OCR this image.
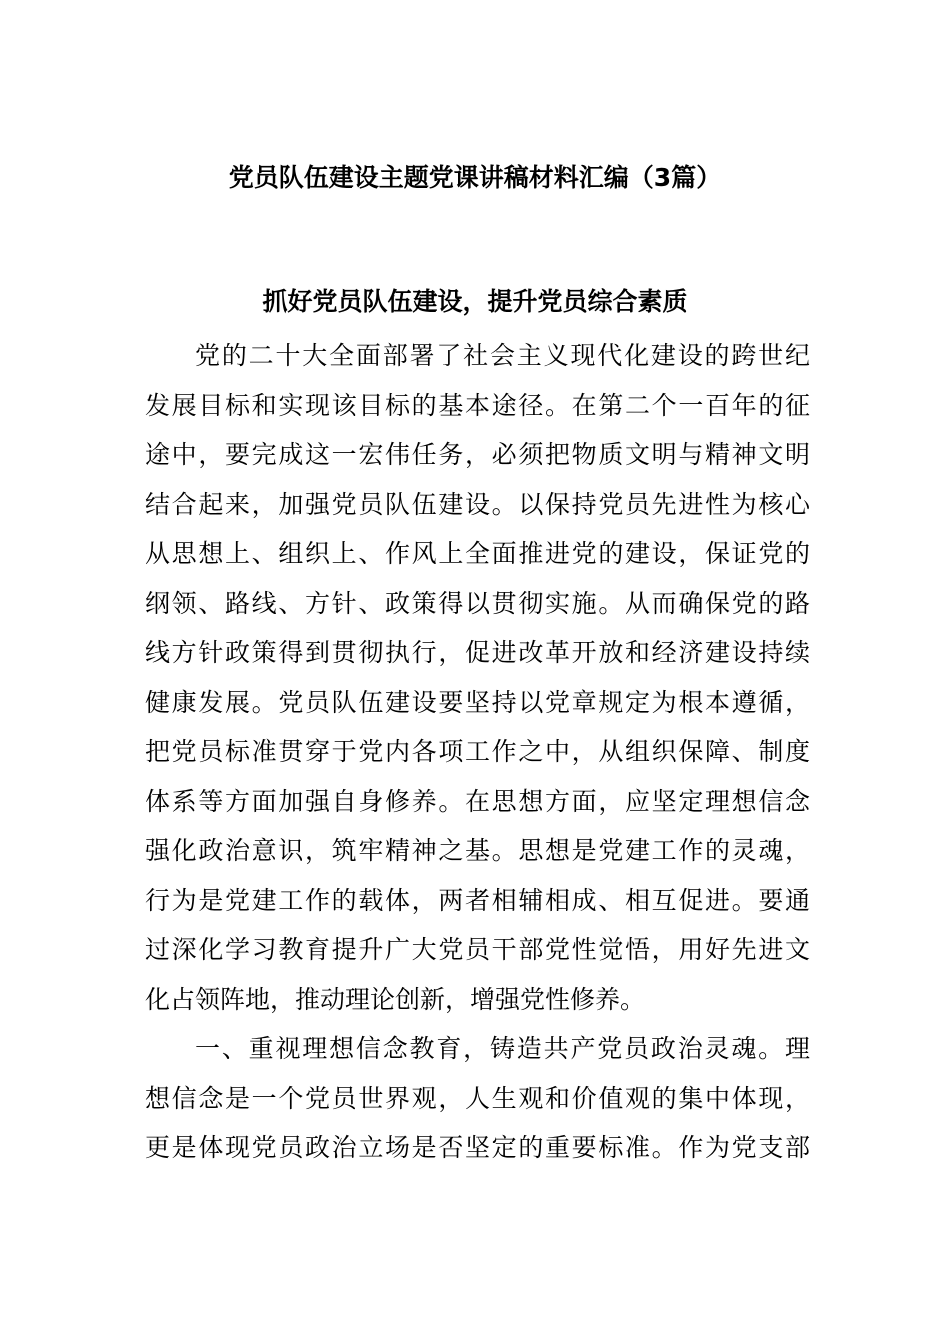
党员队伍建设主题党课讲稿材料汇编（3篇）
抓好党员队伍建设，提升党员综合素质
党的二十大全面部署了社会主义现代化建设的跨世纪
发展目标和实现该目标的基本途径。在第二个一百年的征
途中，要完成这一宏伟任务，必须把物质文明与精神文明
结合起来，加强党员队伍建设。以保持党员先进性为核心
从思想上、组织上、作风上全面推进党的建设，保证党的
纲领、路线、方针、政策得以贯彻实施。从而确保党的路
线方针政策得到贯彻执行，促进改革开放和经济建设持续
健康发展。党员队伍建设要坚持以党章规定为根本遵循，
把党员标准贯穿于党内各项工作之中，从组织保障、制度
体系等方面加强自身修养。在思想方面，应坚定理想信念
强化政治意识，筑牢精神之基。思想是党建工作的灵魂，
行为是党建工作的载体，两者相辅相成、相互促进。要通
过深化学习教育提升广大党员干部党性觉悟，用好先进文
化占领阵地，推动理论创新，增强党性修养。
一、重视理想信念教育，铸造共产党员政治灵魂。理
想信念是一个党员世界观，人生观和价值观的集中体现，
更是体现党员政治立场是否坚定的重要标准。作为党支部
